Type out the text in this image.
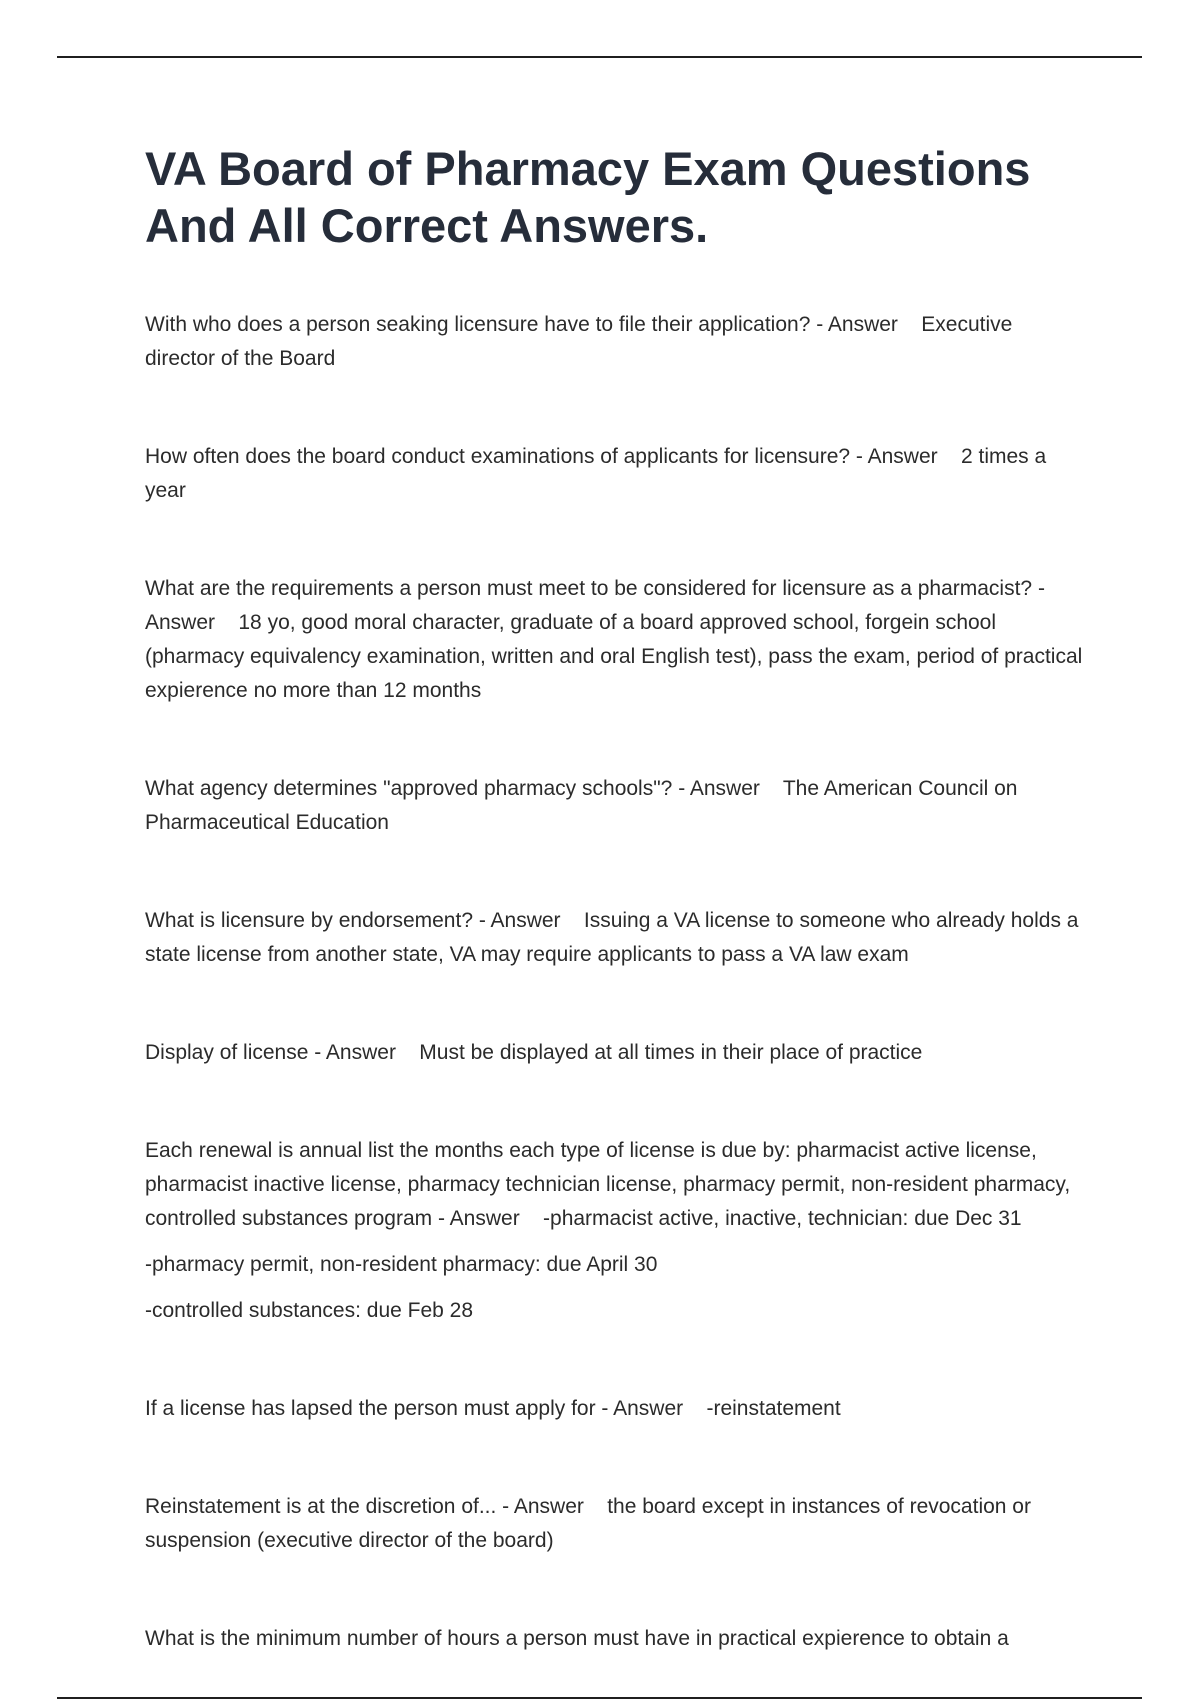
VA Board of Pharmacy Exam Questions And All Correct Answers.

With who does a person seaking licensure have to file their application? - Answer Executive director of the Board

How often does the board conduct examinations of applicants for licensure? - Answer 2 times a year

What are the requirements a person must meet to be considered for licensure as a pharmacist? - Answer 18 yo, good moral character, graduate of a board approved school, forgein school (pharmacy equivalency examination, written and oral English test), pass the exam, period of practical expierence no more than 12 months

What agency determines "approved pharmacy schools"? - Answer The American Council on Pharmaceutical Education

What is licensure by endorsement? - Answer Issuing a VA license to someone who already holds a state license from another state, VA may require applicants to pass a VA law exam

Display of license - Answer Must be displayed at all times in their place of practice

Each renewal is annual list the months each type of license is due by: pharmacist active license, pharmacist inactive license, pharmacy technician license, pharmacy permit, non-resident pharmacy, controlled substances program - Answer -pharmacist active, inactive, technician: due Dec 31

-pharmacy permit, non-resident pharmacy: due April 30

-controlled substances: due Feb 28

If a license has lapsed the person must apply for - Answer -reinstatement

Reinstatement is at the discretion of... - Answer the board except in instances of revocation or suspension (executive director of the board)

What is the minimum number of hours a person must have in practical expierence to obtain a
